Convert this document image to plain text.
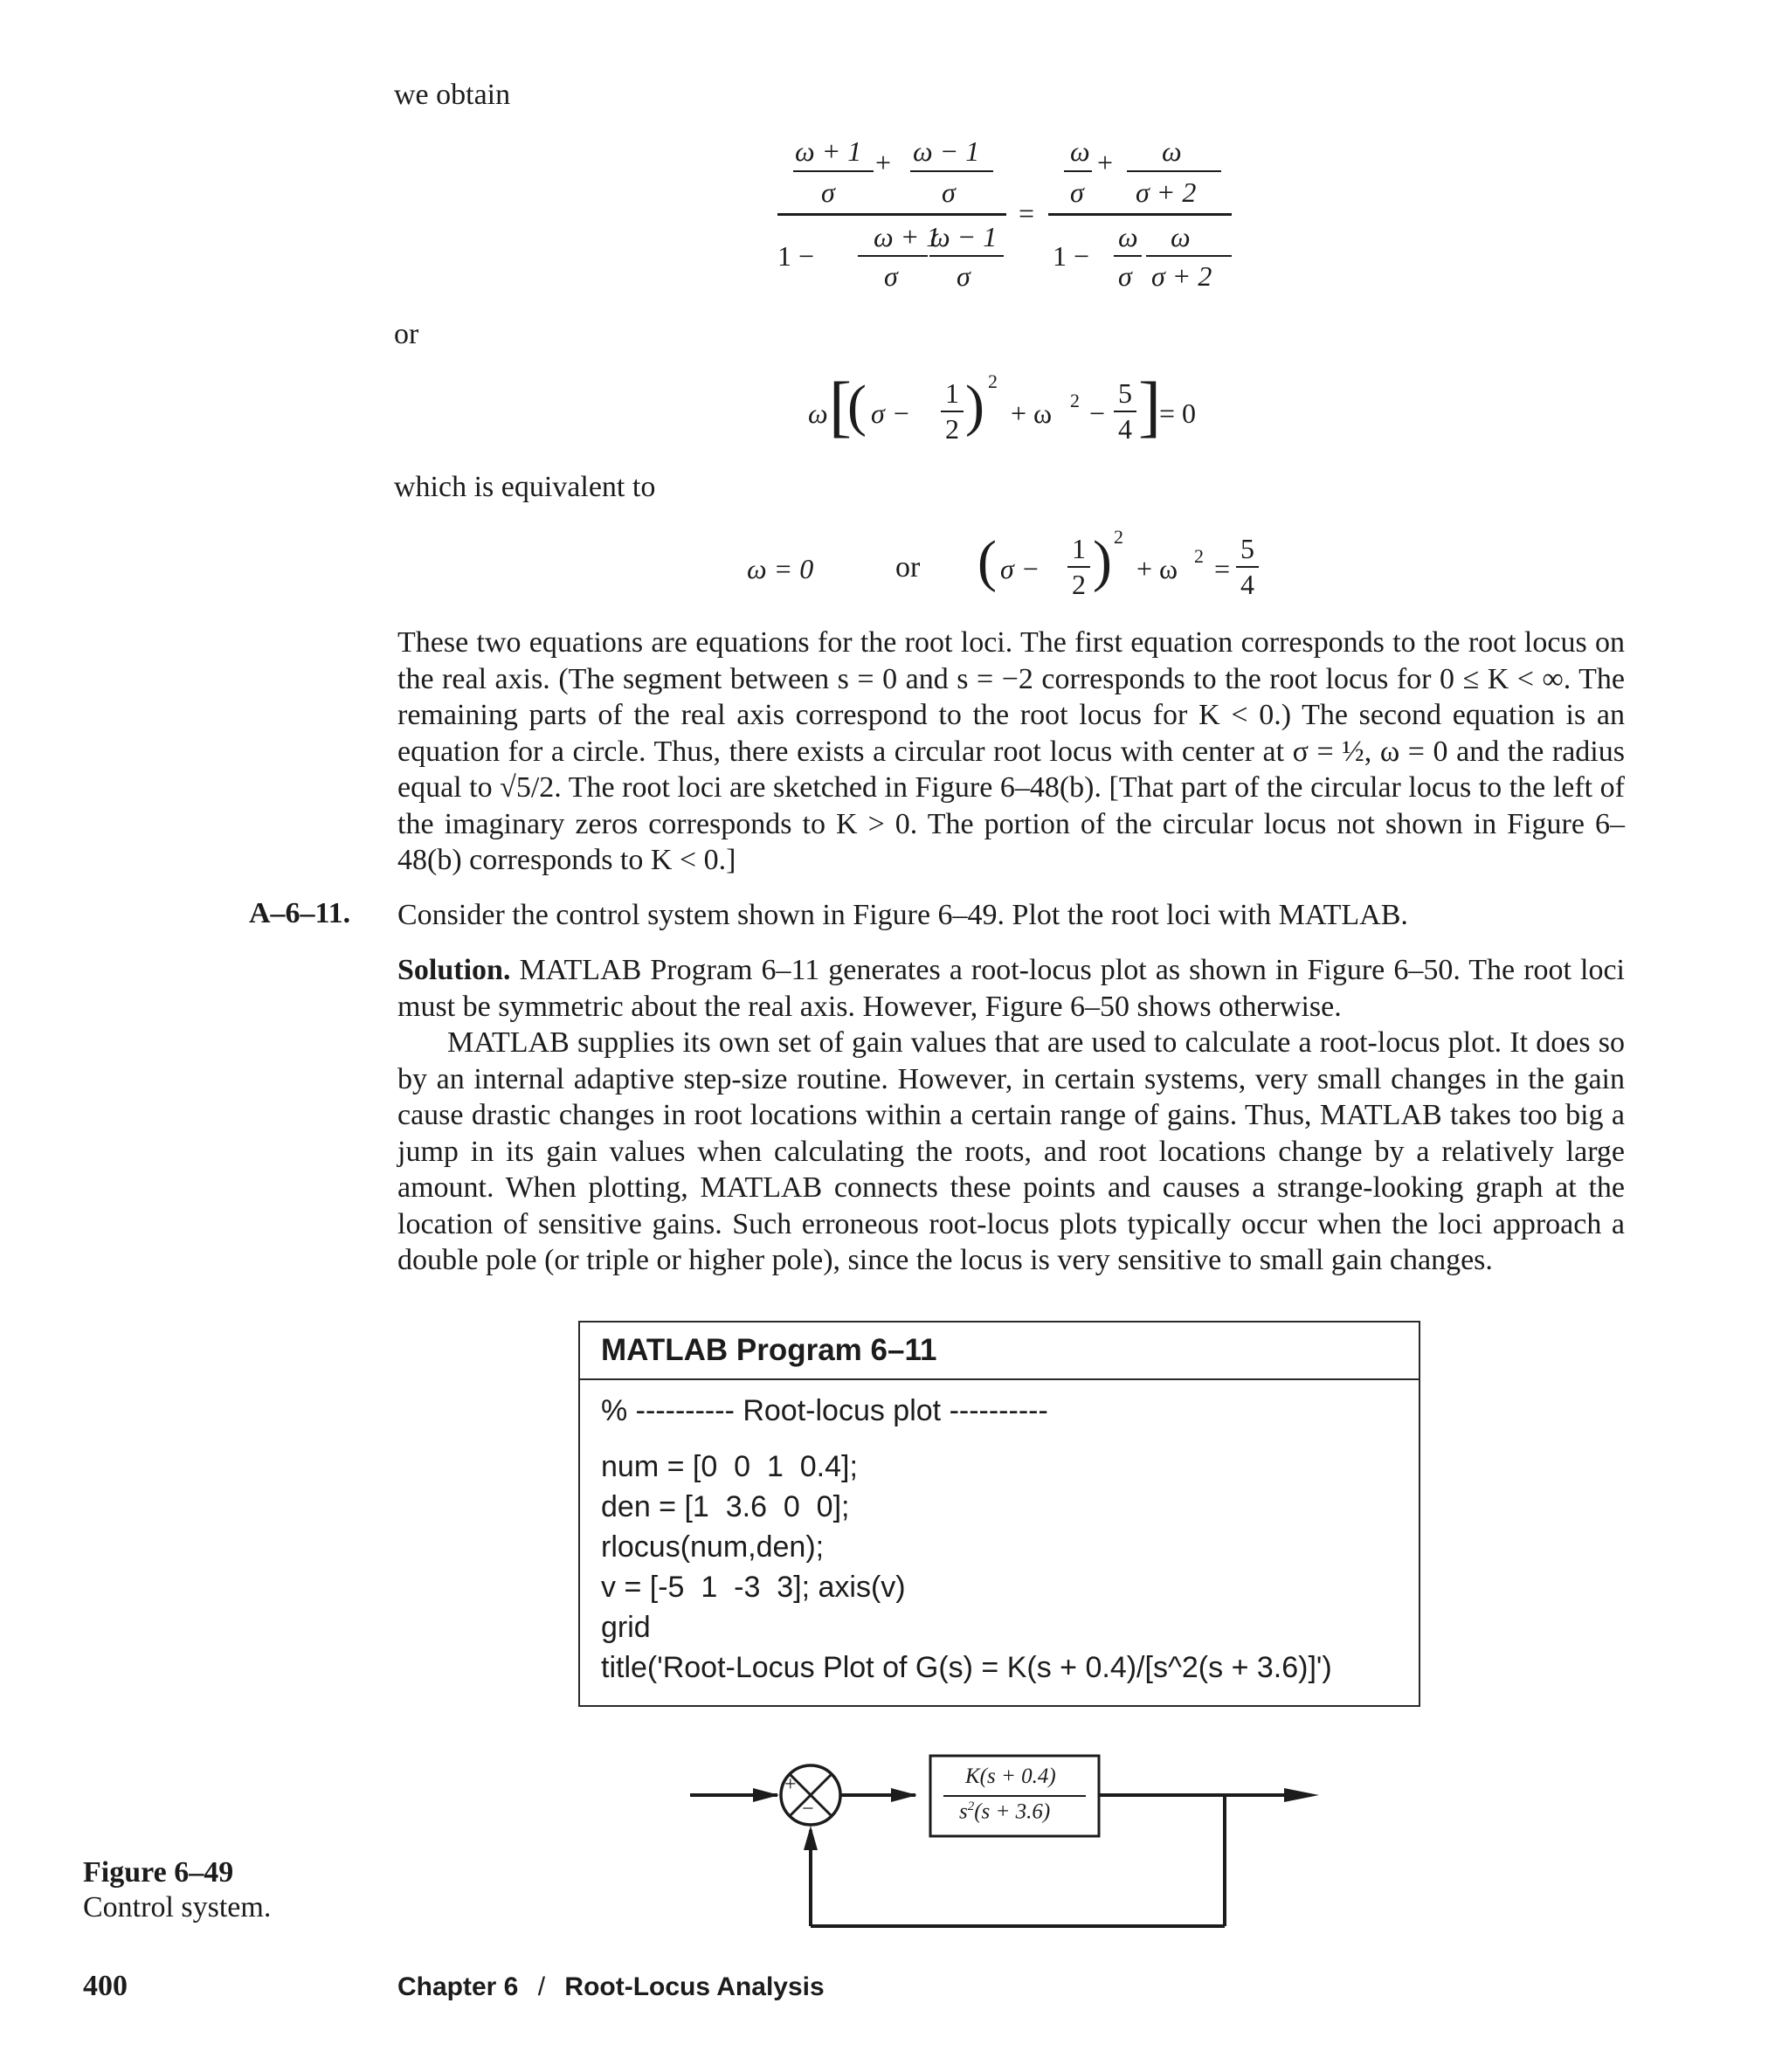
we obtain
or
which is equivalent to
ω + 1 + ω − 1
σ	σ
1 −
ω + 1
ω − 1
σ σ
=
ω + ω
σ σ + 2
1 −
ω ω
σ σ + 2
ω [
( σ −
1
2 ) 2
+ ω 2 −
5
4 ]
= 0
ω = 0	or ( σ −
1
2 ) 2
+ ω 2 =
5
4

These two equations are equations for the root loci. The first equation corresponds to the root locus on the real axis. (The segment between s = 0 and s = −2 corresponds to the root locus for 0 ≤ K < ∞. The remaining parts of the real axis correspond to the root locus for K < 0.) The second equation is an equation for a circle. Thus, there exists a circular root locus with center at σ = ½, ω = 0 and the radius equal to √5/2. The root loci are sketched in Figure 6–48(b). [That part of the circular locus to the left of the imaginary zeros corresponds to K > 0. The portion of the circular locus not shown in Figure 6–48(b) corresponds to K < 0.]

A–6–11. Consider the control system shown in Figure 6–49. Plot the root loci with MATLAB.

Solution. MATLAB Program 6–11 generates a root-locus plot as shown in Figure 6–50. The root loci must be symmetric about the real axis. However, Figure 6–50 shows otherwise.

MATLAB supplies its own set of gain values that are used to calculate a root-locus plot. It does so by an internal adaptive step-size routine. However, in certain systems, very small changes in the gain cause drastic changes in root locations within a certain range of gains. Thus, MATLAB takes too big a jump in its gain values when calculating the roots, and root locations change by a relatively large amount. When plotting, MATLAB connects these points and causes a strange-looking graph at the location of sensitive gains. Such erroneous root-locus plots typically occur when the loci approach a double pole (or triple or higher pole), since the locus is very sensitive to small gain changes.

MATLAB Program 6–11
% ---------- Root-locus plot ----------
num = [0  0  1  0.4];
den = [1  3.6  0  0];
rlocus(num,den);
v = [-5  1  -3  3]; axis(v)
grid
title('Root-Locus Plot of G(s) = K(s + 0.4)/[s^2(s + 3.6)]')
+
−
K(s + 0.4)
$s^2(s + 3.6)$
Figure 6–49
Control system.
400	Chapter 6 / Root-Locus Analysis
